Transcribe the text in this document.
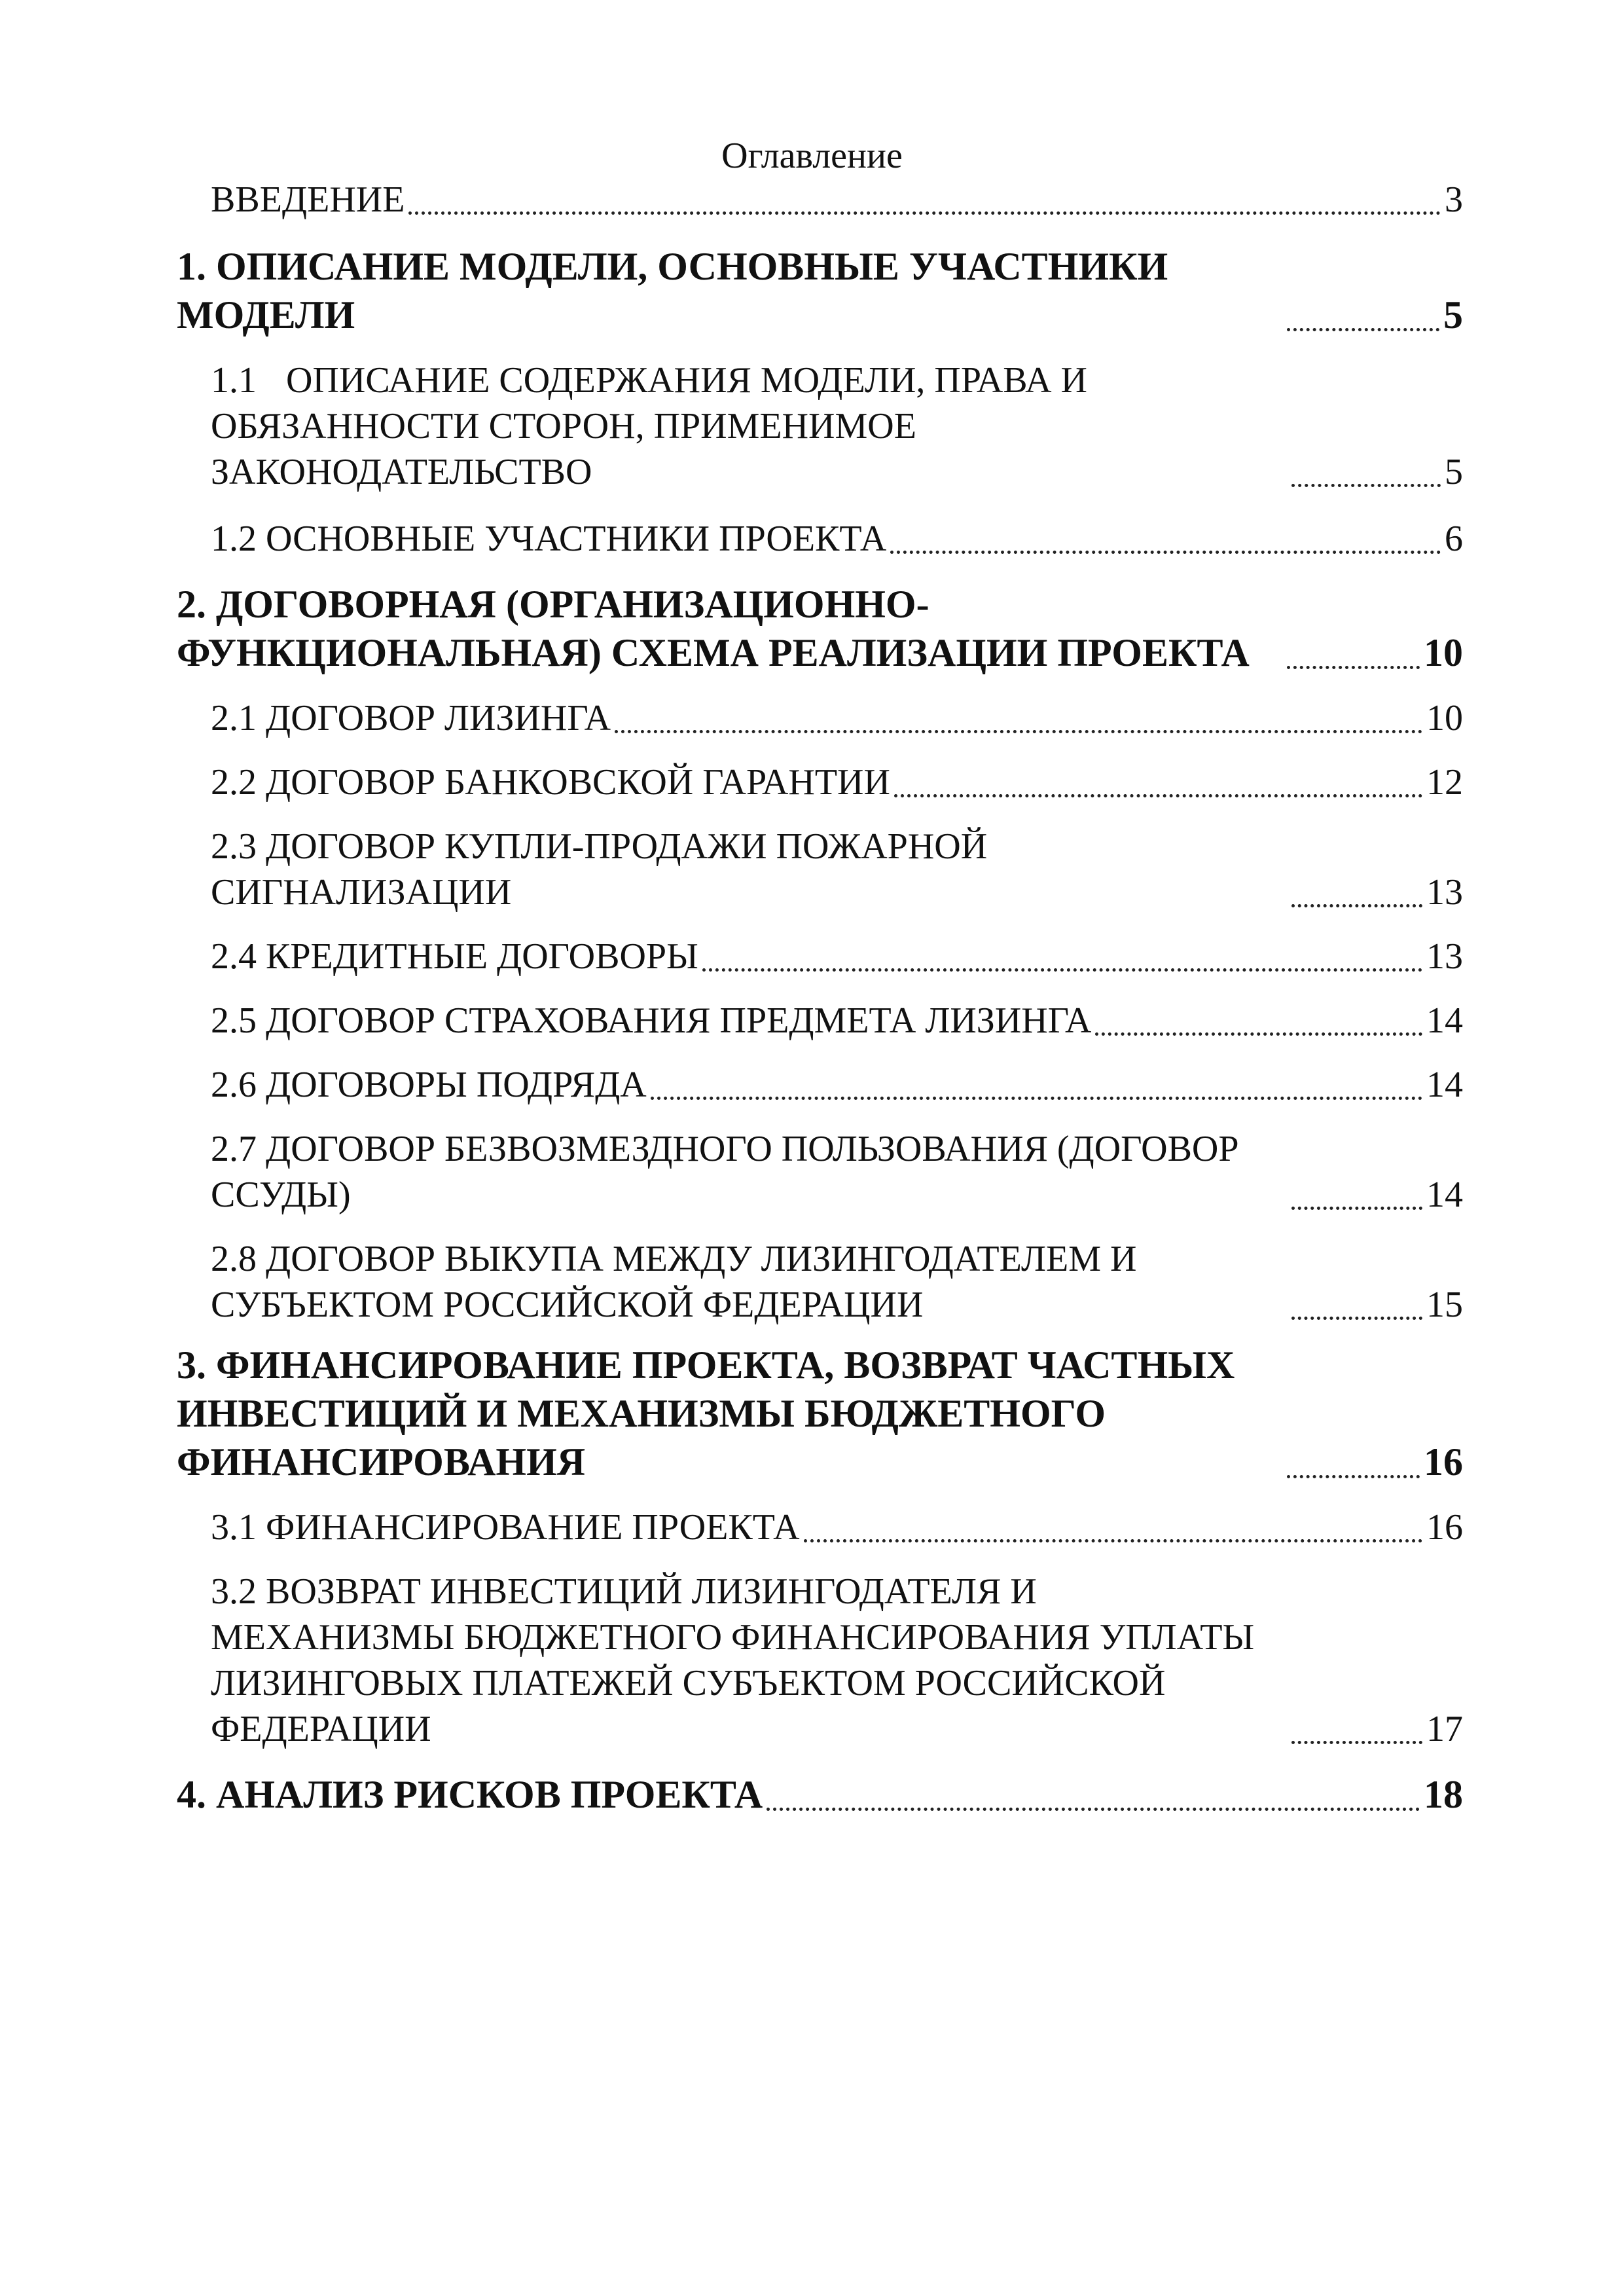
Оглавление
ВВЕДЕНИЕ	3
1. ОПИСАНИЕ МОДЕЛИ, ОСНОВНЫЕ УЧАСТНИКИ МОДЕЛИ	5
1.1 ОПИСАНИЕ СОДЕРЖАНИЯ МОДЕЛИ, ПРАВА И ОБЯЗАННОСТИ СТОРОН, ПРИМЕНИМОЕ ЗАКОНОДАТЕЛЬСТВО	5
1.2 ОСНОВНЫЕ УЧАСТНИКИ ПРОЕКТА	6
2. ДОГОВОРНАЯ (ОРГАНИЗАЦИОННО-ФУНКЦИОНАЛЬНАЯ) СХЕМА РЕАЛИЗАЦИИ ПРОЕКТА	10
2.1 ДОГОВОР ЛИЗИНГА	10
2.2 ДОГОВОР БАНКОВСКОЙ ГАРАНТИИ	12
2.3 ДОГОВОР КУПЛИ-ПРОДАЖИ ПОЖАРНОЙ СИГНАЛИЗАЦИИ	13
2.4 КРЕДИТНЫЕ ДОГОВОРЫ	13
2.5 ДОГОВОР СТРАХОВАНИЯ ПРЕДМЕТА ЛИЗИНГА	14
2.6 ДОГОВОРЫ ПОДРЯДА	14
2.7 ДОГОВОР БЕЗВОЗМЕЗДНОГО ПОЛЬЗОВАНИЯ (ДОГОВОР ССУДЫ)	14
2.8 ДОГОВОР ВЫКУПА МЕЖДУ ЛИЗИНГОДАТЕЛЕМ И СУБЪЕКТОМ РОССИЙСКОЙ ФЕДЕРАЦИИ	15
3. ФИНАНСИРОВАНИЕ ПРОЕКТА, ВОЗВРАТ ЧАСТНЫХ ИНВЕСТИЦИЙ И МЕХАНИЗМЫ БЮДЖЕТНОГО ФИНАНСИРОВАНИЯ	16
3.1 ФИНАНСИРОВАНИЕ ПРОЕКТА	16
3.2 ВОЗВРАТ ИНВЕСТИЦИЙ ЛИЗИНГОДАТЕЛЯ И МЕХАНИЗМЫ БЮДЖЕТНОГО ФИНАНСИРОВАНИЯ УПЛАТЫ ЛИЗИНГОВЫХ ПЛАТЕЖЕЙ СУБЪЕКТОМ РОССИЙСКОЙ ФЕДЕРАЦИИ	17
4. АНАЛИЗ РИСКОВ ПРОЕКТА	18
